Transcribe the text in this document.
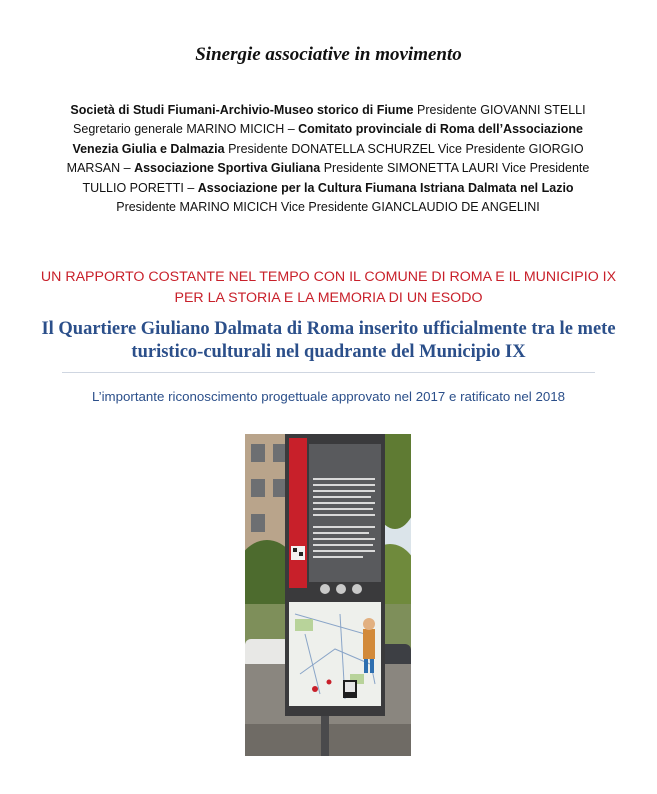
Sinergie associative in movimento
Società di Studi Fiumani-Archivio-Museo storico di Fiume Presidente GIOVANNI STELLI Segretario generale MARINO MICICH – Comitato provinciale di Roma dell’Associazione Venezia Giulia e Dalmazia Presidente DONATELLA SCHURZEL Vice Presidente GIORGIO MARSAN – Associazione Sportiva Giuliana Presidente SIMONETTA LAURI Vice Presidente TULLIO PORETTI – Associazione per la Cultura Fiumana Istriana Dalmata nel Lazio Presidente MARINO MICICH Vice Presidente GIANCLAUDIO DE ANGELINI
UN RAPPORTO COSTANTE NEL TEMPO CON IL COMUNE DI ROMA E IL MUNICIPIO IX  PER LA STORIA E LA MEMORIA DI UN ESODO
Il Quartiere Giuliano Dalmata di Roma inserito ufficialmente tra le mete turistico-culturali nel quadrante del Municipio IX
L’importante riconoscimento progettuale approvato nel 2017 e ratificato nel 2018
